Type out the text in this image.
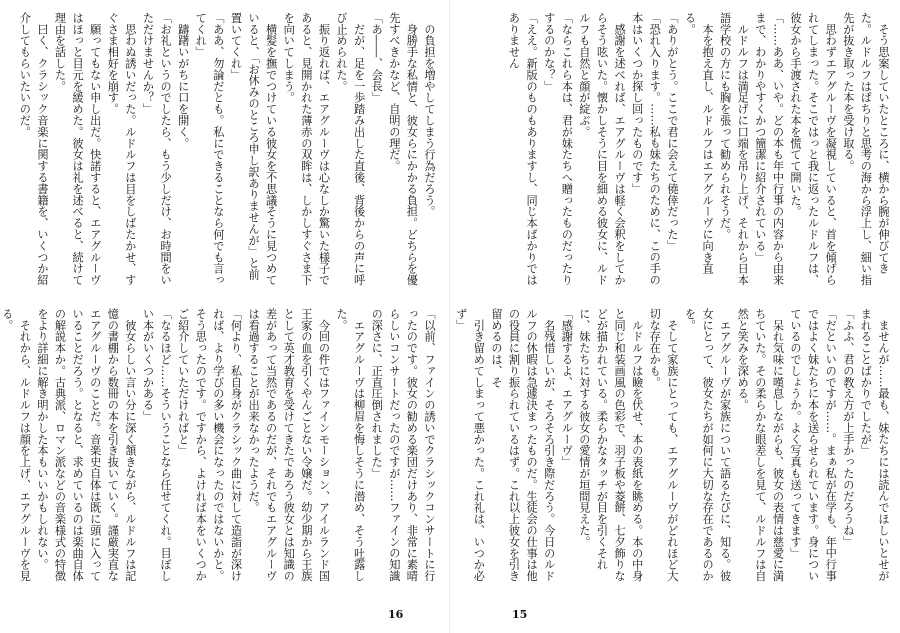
　の負担を増やしてしまう行為だろう。

　身勝手な私情と、彼女らにかかる負担。どちらを優先すべきかなど、自明の理だ。

「あ――、会長」

　だが、足を一歩踏み出した直後、背後からの声に呼び止められた。

　振り返れば、エアグルーヴは心なしか驚いた様子であると、見開かれた薄赤の双眸は、しかしすぐさま下を向いてしまう。

　横髪を撫でつけている彼女を不思議そうに見つめていると、「お休みのところ申し訳ありませんが」と前置いてくれ」

「ああ、勿論だとも。私にできることなら何でも言ってくれ」

　躊躇いがちに口を開く。

「お礼というのでしたら、もう少しだけ、お時間をいただけませんか？」

　思わぬ誘いだった。ルドルフは目をしばたかせ、すぐさま相好を崩す。

　願ってもない申し出だ。快諾すると、エアグルーヴはほっと目元を緩めた。彼女は礼を述べると、続けて理由を話した。

　曰く、クラシック音楽に関する書籍を、いくつか紹介してもらいたいのだ。

「以前、ファインの誘いでクラシックコンサートに行ったのです。彼女の勧める楽団だけあり、非常に素晴らしいコンサートだったのですが……ファインの知識の深さに、正直圧倒されました」

　エアグルーヴは柳眉を悔しそうに潜め、そう吐露した。

　今回の件ではファインモーション、アイルランド国王家の血を引くやんごとない令嬢だ。幼少期から王族として英才教育を受けてきたであろう彼女とは知識の差があって当然であるのだが、それでもエアグルーヴは看過することが出来なかったようだ。

「何より、私自身がクラシック曲に対して造詣が深ければ、より学びの多い機会になったのではないかと。そう思ったのです。ですから、よければ本をいくつかご紹介していただければと」

「なるほど……そういうことなら任せてくれ。目ぼしい本がいくつかある」

　彼女らしい言い分に深く頷きながら、ルドルフは記憶の書棚から数冊の本を引き抜いていく。謹厳実直なエアグルーヴのことだ。音楽史自体は既に頭に入っていることだろう。となると、求めているのは楽曲自体の解説本か。古典派、ロマン派などの音楽様式の特徴をより詳細に解き明かした本もいいかもしれない。

　それから、ルドルフは顔を上げ、エアグルーヴを見る。

16

　そう思案していたところに、横から腕が伸びてきた。ルドルフはぱちりと思考の海から浮上し、細い指先が抜き取った本を受け取る。

　思わずエアグルーヴを凝視していると、首を傾げられてしまった。そこではっと我に返ったルドルフは、彼女から手渡された本を慌てて開いた。

「……ああ、いや。どの本も年中行事の内容から由来まで、わかりやすくかつ簡潔に紹介されている」

　ルドルフは満足げに口端を吊り上げ、それから日本語学校の方にも胸を張って勧められそうだ。

　本を抱え直し、ルドルフはエアグルーヴに向き直る。

「ありがとう。ここで君に会えて僥倖だった」

「恐れ入ります。……私も妹たちのために、この手の本はいくつか探し回ったものです」

　感謝を述べれば、エアグルーヴは軽く会釈をしてからそう呟いた。懐かしそうに目を細める彼女に、ルドルフも自然と顔が綻ぶ。

「ならこれら本は、君が妹たちへ贈ったものだったりするのかな？」

「ええ。新版のものもありますし、同じ本ばかりではありません

　ませんが……最も、妹たちには読んでほしいとせがまれることばかりでしたが」

「ふふ、君の教え方が上手かったのだろうね」

「だといいのですが……。まぁ私が在学も、年中行事ではよく妹たちに本を送らせられています。身についているのでしょうか。よく写真も送ってきます」

　呆れ気味に嘆息しながらも、彼女の表情は慈愛に満ちていた。その柔らかな眼差しを見て、ルドルフは自然と笑みを深める。

　エアグルーヴが家族について語るたびに、知る。彼女にとって、彼女たちが如何に大切な存在であるのかを。

　そして家族にとっても、エアグルーヴがどれほど大切な存在かも。

　ルドルフは瞼を伏せ、本の表紙を眺める。本の中身と同じ和装画風の色彩で、羽子板や菱餅、七夕飾りなどが描かれている。柔らかなタッチが目を引くそれに、妹たちに対する彼女の愛情が垣間見えた。

「感謝するよ、エアグルーヴ」

　名残惜しいが、そろそろ引き際だろう。今日のルドルフの休暇は急遽決まったものだ。生徒会の仕事は他の役員に割り振られているはず。これ以上彼女を引き留めるのは、そ

　引き留めてしまって悪かった。これ礼は、いつか必ず」

15
